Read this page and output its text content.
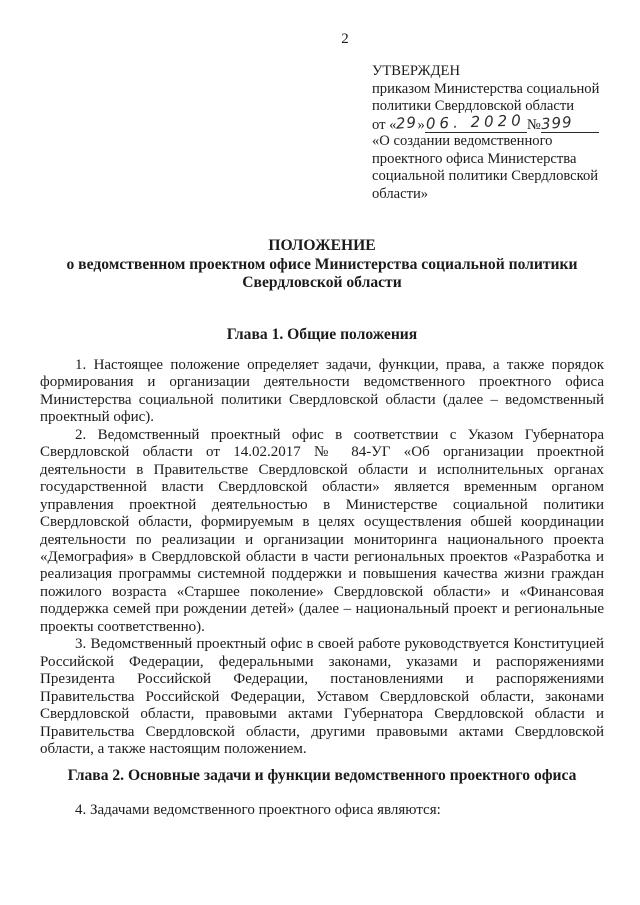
2
УТВЕРЖДЕН
приказом Министерства социальной
политики Свердловской области
от «29»06. 2020№399
«О создании ведомственного
проектного офиса Министерства
социальной политики Свердловской
области»
ПОЛОЖЕНИЕ
о ведомственном проектном офисе Министерства социальной политики
Свердловской области
Глава 1. Общие положения

1. Настоящее положение определяет задачи, функции, права, а также порядок формирования и организации деятельности ведомственного проектного офиса Министерства социальной политики Свердловской области (далее – ведомственный проектный офис).

2. Ведомственный проектный офис в соответствии с Указом Губернатора Свердловской области от 14.02.2017 № 84-УГ «Об организации проектной деятельности в Правительстве Свердловской области и исполнительных органах государственной власти Свердловской области» является временным органом управления проектной деятельностью в Министерстве социальной политики Свердловской области, формируемым в целях осуществления обшей координации деятельности по реализации и организации мониторинга национального проекта «Демография» в Свердловской области в части региональных проектов «Разработка и реализация программы системной поддержки и повышения качества жизни граждан пожилого возраста «Старшее поколение» Свердловской области» и «Финансовая поддержка семей при рождении детей» (далее – национальный проект и региональные проекты соответственно).

3. Ведомственный проектный офис в своей работе руководствуется Конституцией Российской Федерации, федеральными законами, указами и распоряжениями Президента Российской Федерации, постановлениями и распоряжениями Правительства Российской Федерации, Уставом Свердловской области, законами Свердловской области, правовыми актами Губернатора Свердловской области и Правительства Свердловской области, другими правовыми актами Свердловской области, а также настоящим положением.

Глава 2. Основные задачи и функции ведомственного проектного офиса
4. Задачами ведомственного проектного офиса являются:
